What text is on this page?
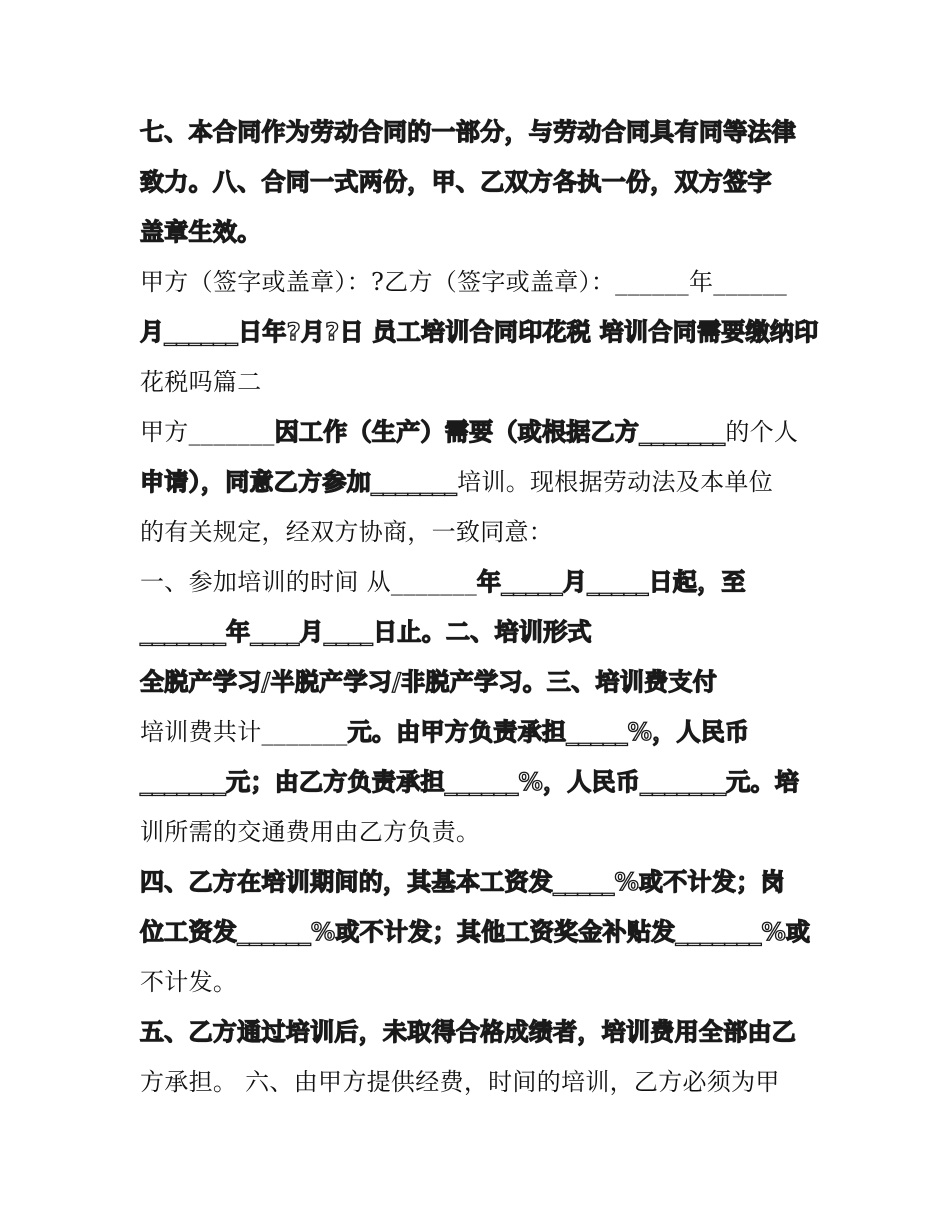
七、本合同作为劳动合同的一部分，与劳动合同具有同等法律
致力。八、合同一式两份，甲、乙双方各执一份，双方签字
盖章生效。
甲方（签字或盖章）：?乙方（签字或盖章）：______年______
月______日年?月?日 员工培训合同印花税 培训合同需要缴纳印
花税吗篇二
甲方_______因工作（生产）需要（或根据乙方_______的个人
申请），同意乙方参加_______培训。现根据劳动法及本单位
的有关规定，经双方协商，一致同意：
一、参加培训的时间 从_______年_____月_____日起，至
_______年____月____日止。二、培训形式
全脱产学习/半脱产学习/非脱产学习。三、培训费支付
培训费共计_______元。由甲方负责承担_____%，人民币
_______元；由乙方负责承担______%，人民币_______元。培
训所需的交通费用由乙方负责。
四、乙方在培训期间的，其基本工资发_____%或不计发；岗
位工资发______%或不计发；其他工资奖金补贴发_______%或
不计发。
五、乙方通过培训后，未取得合格成绩者，培训费用全部由乙
方承担。 六、由甲方提供经费，时间的培训，乙方必须为甲
